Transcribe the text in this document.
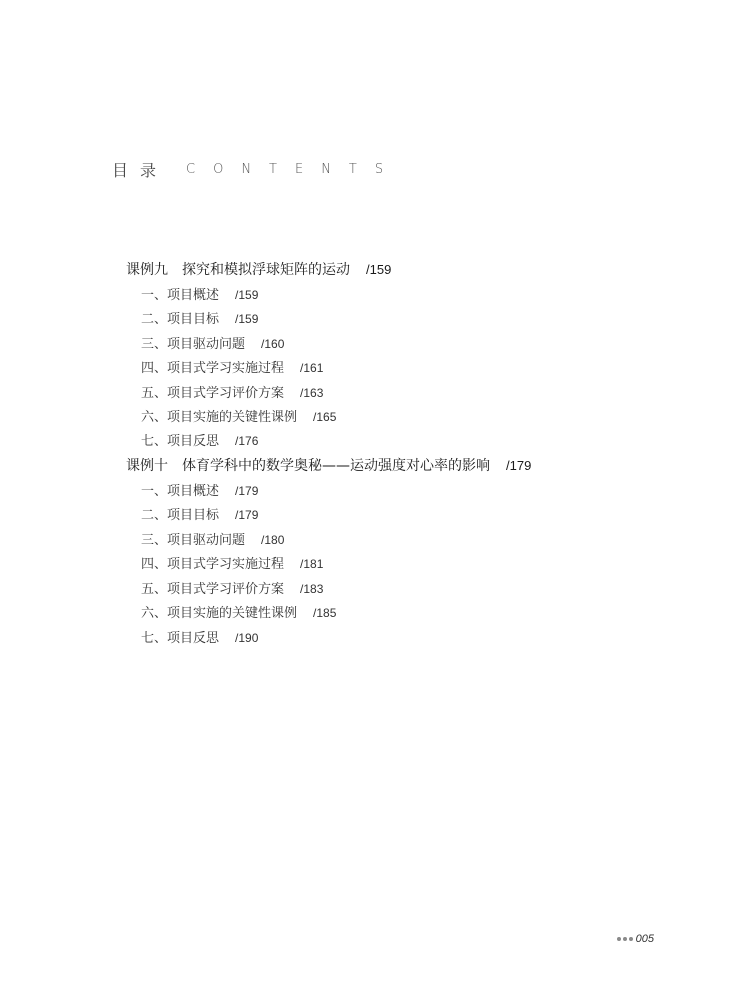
目录 CONTENTS
课例九　探究和模拟浮球矩阵的运动 /159
一、项目概述 /159
二、项目目标 /159
三、项目驱动问题 /160
四、项目式学习实施过程 /161
五、项目式学习评价方案 /163
六、项目实施的关键性课例 /165
七、项目反思 /176
课例十　体育学科中的数学奥秘——运动强度对心率的影响 /179
一、项目概述 /179
二、项目目标 /179
三、项目驱动问题 /180
四、项目式学习实施过程 /181
五、项目式学习评价方案 /183
六、项目实施的关键性课例 /185
七、项目反思 /190
005
